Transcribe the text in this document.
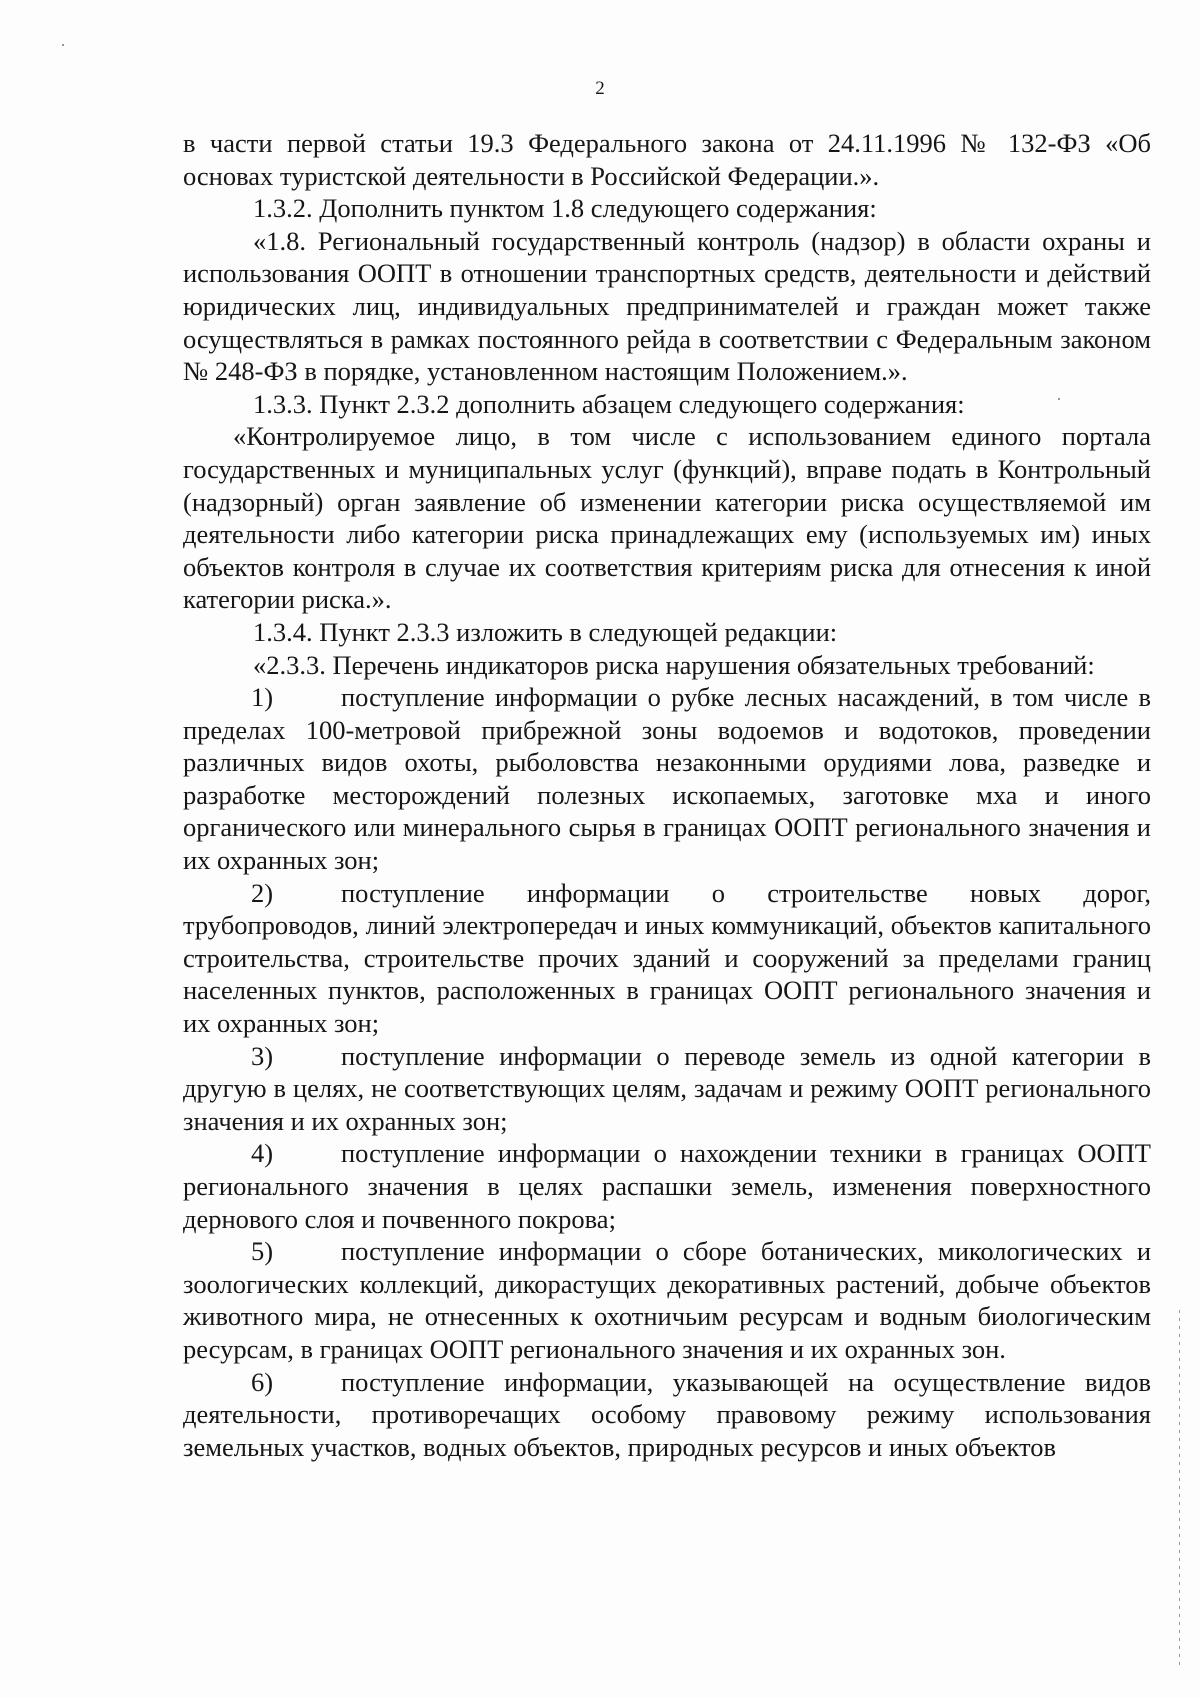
2

в части первой статьи 19.3 Федерального закона от 24.11.1996 № 132-ФЗ «Об основах туристской деятельности в Российской Федерации.».

1.3.2. Дополнить пунктом 1.8 следующего содержания:

«1.8. Региональный государственный контроль (надзор) в области охраны и использования ООПТ в отношении транспортных средств, деятельности и действий юридических лиц, индивидуальных предпринимателей и граждан может также осуществляться в рамках постоянного рейда в соответствии с Федеральным законом № 248-ФЗ в порядке, установленном настоящим Положением.».

1.3.3. Пункт 2.3.2 дополнить абзацем следующего содержания:

«Контролируемое лицо, в том числе с использованием единого портала государственных и муниципальных услуг (функций), вправе подать в Контрольный (надзорный) орган заявление об изменении категории риска осуществляемой им деятельности либо категории риска принадлежащих ему (используемых им) иных объектов контроля в случае их соответствия критериям риска для отнесения к иной категории риска.».

1.3.4. Пункт 2.3.3 изложить в следующей редакции:

«2.3.3. Перечень индикаторов риска нарушения обязательных требований:

1)	поступление информации о рубке лесных насаждений, в том числе в пределах 100-метровой прибрежной зоны водоемов и водотоков, проведении различных видов охоты, рыболовства незаконными орудиями лова, разведке и разработке месторождений полезных ископаемых, заготовке мха и иного органического или минерального сырья в границах ООПТ регионального значения и их охранных зон;

2)	поступление информации о строительстве новых дорог, трубопроводов, линий электропередач и иных коммуникаций, объектов капитального строительства, строительстве прочих зданий и сооружений за пределами границ населенных пунктов, расположенных в границах ООПТ регионального значения и их охранных зон;

3)	поступление информации о переводе земель из одной категории в другую в целях, не соответствующих целям, задачам и режиму ООПТ регионального значения и их охранных зон;

4)	поступление информации о нахождении техники в границах ООПТ регионального значения в целях распашки земель, изменения поверхностного дернового слоя и почвенного покрова;

5)	поступление информации о сборе ботанических, микологических и зоологических коллекций, дикорастущих декоративных растений, добыче объектов животного мира, не отнесенных к охотничьим ресурсам и водным биологическим ресурсам, в границах ООПТ регионального значения и их охранных зон.

6)	поступление информации, указывающей на осуществление видов деятельности, противоречащих особому правовому режиму использования земельных участков, водных объектов, природных ресурсов и иных объектов
